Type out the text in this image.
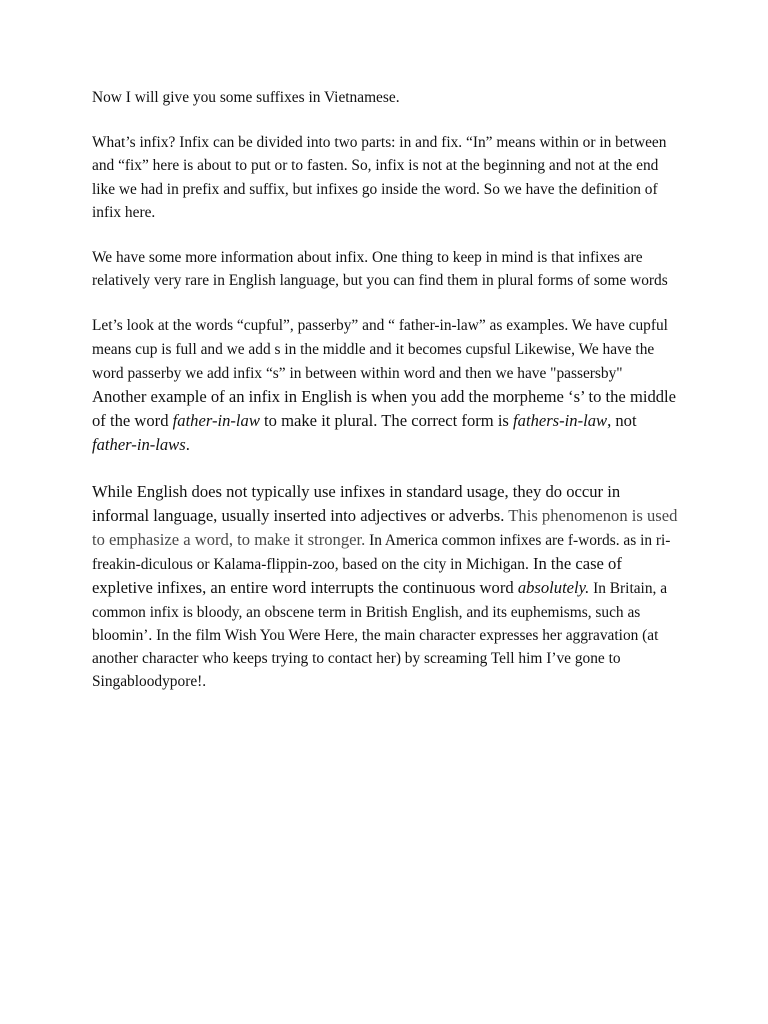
Now I will give you some suffixes in Vietnamese.

What’s infix? Infix can be divided into two parts: in and fix. “In” means within or in between and “fix” here is about to put or to fasten. So, infix is not at the beginning and not at the end like we had in prefix and suffix, but infixes go inside the word. So we have the definition of infix here.

We have some more information about infix. One thing to keep in mind is that infixes are relatively very rare in English language, but you can find them in plural forms of some words

Let’s look at the words “cupful”, passerby” and “ father-in-law” as examples. We have cupful means cup is full and we add s in the middle and it becomes cupsful Likewise, We have the word passerby we add infix “s” in between within word and then we have "passersby" Another example of an infix in English is when you add the morpheme ‘s’ to the middle of the word father-in-law to make it plural. The correct form is fathers-in-law, not father-in-laws.

While English does not typically use infixes in standard usage, they do occur in informal language, usually inserted into adjectives or adverbs. This phenomenon is used to emphasize a word, to make it stronger. In America common infixes are f-words. as in ri-freakin-diculous or Kalama-flippin-zoo, based on the city in Michigan. In the case of expletive infixes, an entire word interrupts the continuous word absolutely. In Britain, a common infix is bloody, an obscene term in British English, and its euphemisms, such as bloomin’. In the film Wish You Were Here, the main character expresses her aggravation (at another character who keeps trying to contact her) by screaming Tell him I’ve gone to Singabloodypore!.
